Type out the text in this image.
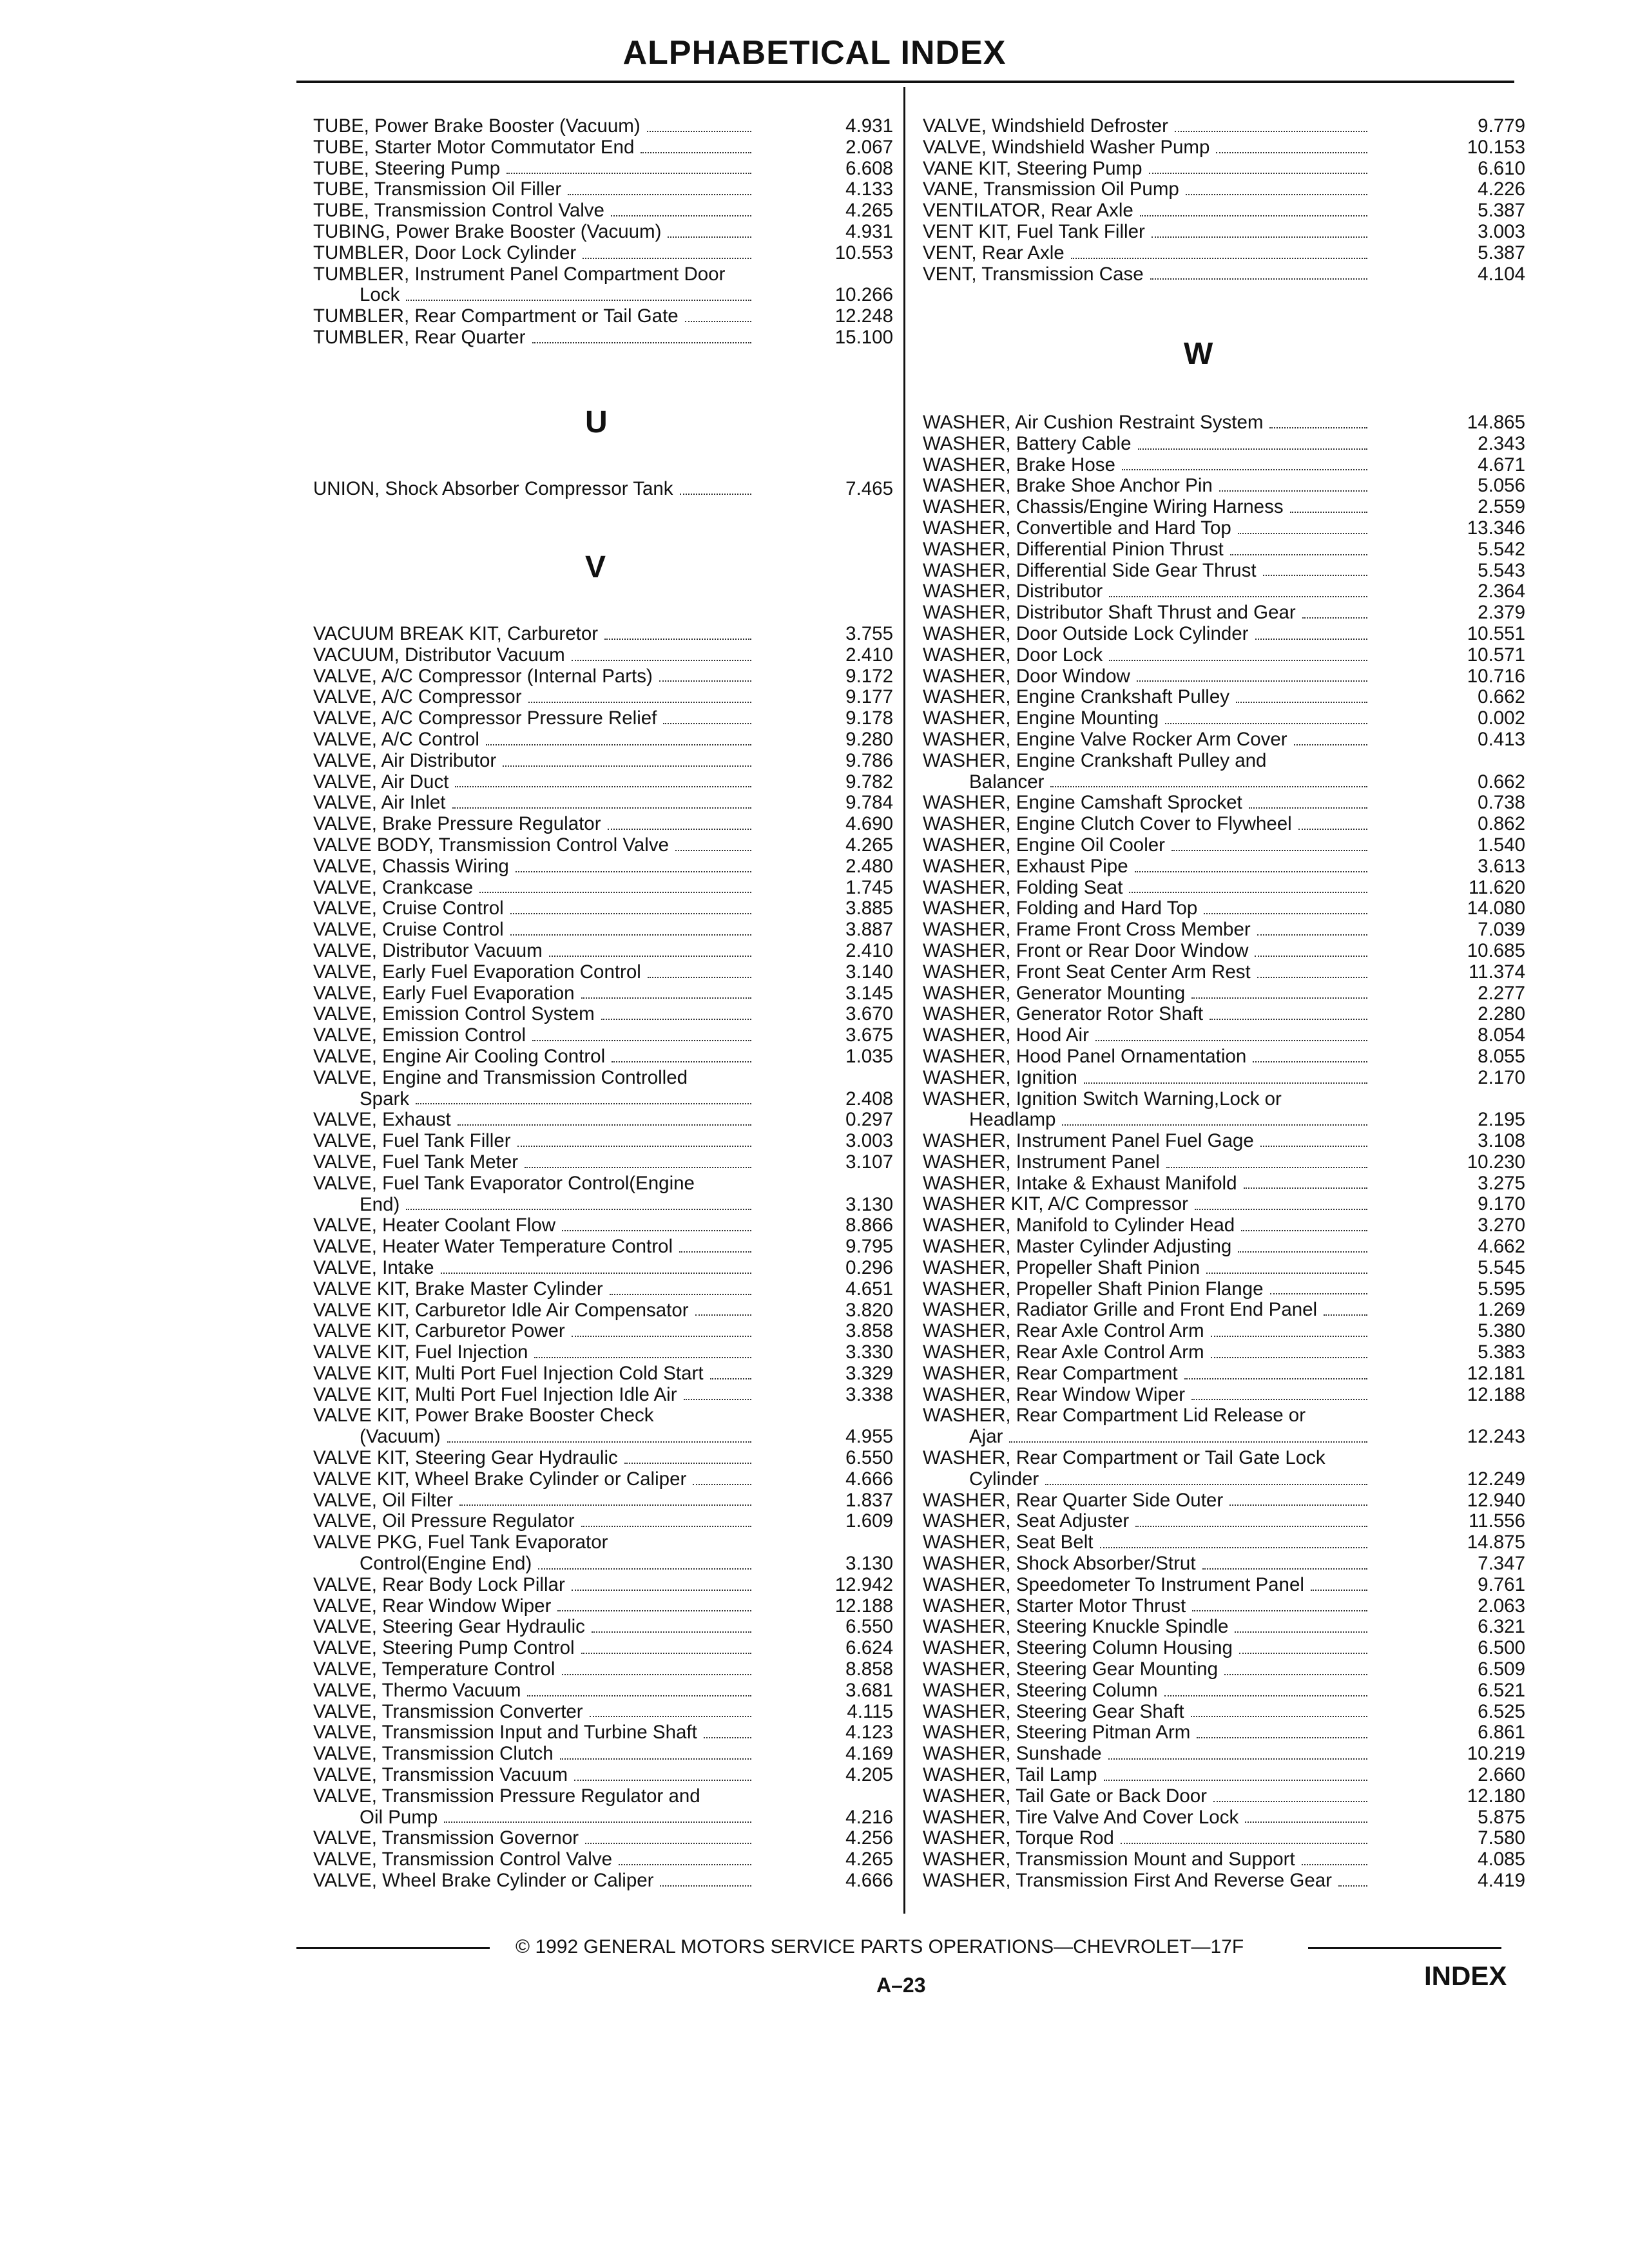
ALPHABETICAL INDEX
TUBE, Power Brake Booster (Vacuum)	4.931
TUBE, Starter Motor Commutator End	2.067
TUBE, Steering Pump	6.608
TUBE, Transmission Oil Filler	4.133
TUBE, Transmission Control Valve	4.265
TUBING, Power Brake Booster (Vacuum)	4.931
TUMBLER, Door Lock Cylinder	10.553
TUMBLER, Instrument Panel Compartment Door
Lock	10.266
TUMBLER, Rear Compartment or Tail Gate	12.248
TUMBLER, Rear Quarter	15.100
U
UNION, Shock Absorber Compressor Tank	7.465
V
VACUUM BREAK KIT, Carburetor	3.755
VACUUM, Distributor Vacuum	2.410
VALVE, A/C Compressor (Internal Parts)	9.172
VALVE, A/C Compressor	9.177
VALVE, A/C Compressor Pressure Relief	9.178
VALVE, A/C Control	9.280
VALVE, Air Distributor	9.786
VALVE, Air Duct	9.782
VALVE, Air Inlet	9.784
VALVE, Brake Pressure Regulator	4.690
VALVE BODY, Transmission Control Valve	4.265
VALVE, Chassis Wiring	2.480
VALVE, Crankcase	1.745
VALVE, Cruise Control	3.885
VALVE, Cruise Control	3.887
VALVE, Distributor Vacuum	2.410
VALVE, Early Fuel Evaporation Control	3.140
VALVE, Early Fuel Evaporation	3.145
VALVE, Emission Control System	3.670
VALVE, Emission Control	3.675
VALVE, Engine Air Cooling Control	1.035
VALVE, Engine and Transmission Controlled
Spark	2.408
VALVE, Exhaust	0.297
VALVE, Fuel Tank Filler	3.003
VALVE, Fuel Tank Meter	3.107
VALVE, Fuel Tank Evaporator Control(Engine
End)	3.130
VALVE, Heater Coolant Flow	8.866
VALVE, Heater Water Temperature Control	9.795
VALVE, Intake	0.296
VALVE KIT, Brake Master Cylinder	4.651
VALVE KIT, Carburetor Idle Air Compensator	3.820
VALVE KIT, Carburetor Power	3.858
VALVE KIT, Fuel Injection	3.330
VALVE KIT, Multi Port Fuel Injection Cold Start	3.329
VALVE KIT, Multi Port Fuel Injection Idle Air	3.338
VALVE KIT, Power Brake Booster Check
(Vacuum)	4.955
VALVE KIT, Steering Gear Hydraulic	6.550
VALVE KIT, Wheel Brake Cylinder or Caliper	4.666
VALVE, Oil Filter	1.837
VALVE, Oil Pressure Regulator	1.609
VALVE PKG, Fuel Tank Evaporator
Control(Engine End)	3.130
VALVE, Rear Body Lock Pillar	12.942
VALVE, Rear Window Wiper	12.188
VALVE, Steering Gear Hydraulic	6.550
VALVE, Steering Pump Control	6.624
VALVE, Temperature Control	8.858
VALVE, Thermo Vacuum	3.681
VALVE, Transmission Converter	4.115
VALVE, Transmission Input and Turbine Shaft	4.123
VALVE, Transmission Clutch	4.169
VALVE, Transmission Vacuum	4.205
VALVE, Transmission Pressure Regulator and
Oil Pump	4.216
VALVE, Transmission Governor	4.256
VALVE, Transmission Control Valve	4.265
VALVE, Wheel Brake Cylinder or Caliper	4.666
VALVE, Windshield Defroster	9.779
VALVE, Windshield Washer Pump	10.153
VANE KIT, Steering Pump	6.610
VANE, Transmission Oil Pump	4.226
VENTILATOR, Rear Axle	5.387
VENT KIT, Fuel Tank Filler	3.003
VENT, Rear Axle	5.387
VENT, Transmission Case	4.104
W
WASHER, Air Cushion Restraint System	14.865
WASHER, Battery Cable	2.343
WASHER, Brake Hose	4.671
WASHER, Brake Shoe Anchor Pin	5.056
WASHER, Chassis/Engine Wiring Harness	2.559
WASHER, Convertible and Hard Top	13.346
WASHER, Differential Pinion Thrust	5.542
WASHER, Differential Side Gear Thrust	5.543
WASHER, Distributor	2.364
WASHER, Distributor Shaft Thrust and Gear	2.379
WASHER, Door Outside Lock Cylinder	10.551
WASHER, Door Lock	10.571
WASHER, Door Window	10.716
WASHER, Engine Crankshaft Pulley	0.662
WASHER, Engine Mounting	0.002
WASHER, Engine Valve Rocker Arm Cover	0.413
WASHER, Engine Crankshaft Pulley and
Balancer	0.662
WASHER, Engine Camshaft Sprocket	0.738
WASHER, Engine Clutch Cover to Flywheel	0.862
WASHER, Engine Oil Cooler	1.540
WASHER, Exhaust Pipe	3.613
WASHER, Folding Seat	11.620
WASHER, Folding and Hard Top	14.080
WASHER, Frame Front Cross Member	7.039
WASHER, Front or Rear Door Window	10.685
WASHER, Front Seat Center Arm Rest	11.374
WASHER, Generator Mounting	2.277
WASHER, Generator Rotor Shaft	2.280
WASHER, Hood Air	8.054
WASHER, Hood Panel Ornamentation	8.055
WASHER, Ignition	2.170
WASHER, Ignition Switch Warning,Lock or
Headlamp	2.195
WASHER, Instrument Panel Fuel Gage	3.108
WASHER, Instrument Panel	10.230
WASHER, Intake & Exhaust Manifold	3.275
WASHER KIT, A/C Compressor	9.170
WASHER, Manifold to Cylinder Head	3.270
WASHER, Master Cylinder Adjusting	4.662
WASHER, Propeller Shaft Pinion	5.545
WASHER, Propeller Shaft Pinion Flange	5.595
WASHER, Radiator Grille and Front End Panel	1.269
WASHER, Rear Axle Control Arm	5.380
WASHER, Rear Axle Control Arm	5.383
WASHER, Rear Compartment	12.181
WASHER, Rear Window Wiper	12.188
WASHER, Rear Compartment Lid Release or
Ajar	12.243
WASHER, Rear Compartment or Tail Gate Lock
Cylinder	12.249
WASHER, Rear Quarter Side Outer	12.940
WASHER, Seat Adjuster	11.556
WASHER, Seat Belt	14.875
WASHER, Shock Absorber/Strut	7.347
WASHER, Speedometer To Instrument Panel	9.761
WASHER, Starter Motor Thrust	2.063
WASHER, Steering Knuckle Spindle	6.321
WASHER, Steering Column Housing	6.500
WASHER, Steering Gear Mounting	6.509
WASHER, Steering Column	6.521
WASHER, Steering Gear Shaft	6.525
WASHER, Steering Pitman Arm	6.861
WASHER, Sunshade	10.219
WASHER, Tail Lamp	2.660
WASHER, Tail Gate or Back Door	12.180
WASHER, Tire Valve And Cover Lock	5.875
WASHER, Torque Rod	7.580
WASHER, Transmission Mount and Support	4.085
WASHER, Transmission First And Reverse Gear	4.419
© 1992 GENERAL MOTORS SERVICE PARTS OPERATIONS—CHEVROLET—17F
A–23	INDEX
